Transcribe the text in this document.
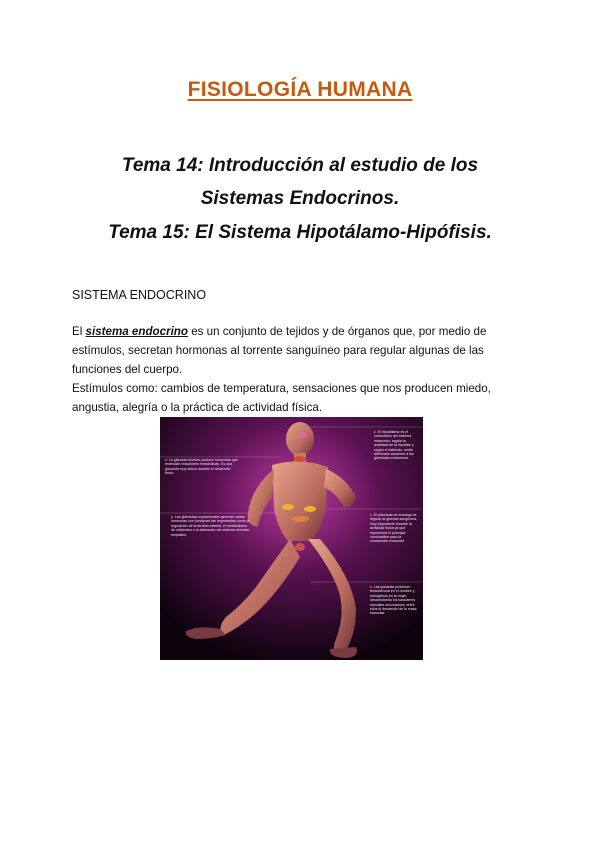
FISIOLOGÍA HUMANA
Tema 14: Introducción al estudio de los
Sistemas Endocrinos.
Tema 15: El Sistema Hipotálamo-Hipófisis.
SISTEMA ENDOCRINO
El sistema endocrino es un conjunto de tejidos y de órganos que, por medio de estímulos, secretan hormonas al torrente sanguíneo para regular algunas de las funciones del cuerpo.
Estímulos como: cambios de temperatura, sensaciones que nos producen miedo, angustia, alegría o la práctica de actividad física.
▶ La glándula tiroides produce hormonas que estimulan reacciones metabólicas. Es una glándula muy activa durante el desarrollo físico.
▶ Las glándulas suprarrenales generan varias hormonas con funciones tan importantes como la regulación de la tensión arterial, el metabolismo de nutrientes o la activación del sistema nervioso simpático.
▶ El hipotálamo es el controlador del sistema endocrino; regula la actividad de la hipófisis y según el estímulo, emite diferentes acciones a las glándulas endocrinas.
▶ El páncreas se encarga de regular la glucosa sanguínea, muy importante durante la actividad física ya que representa el principal combustible para la contracción muscular.
▶ Las gónadas producen testosterona en el hombre y estrógenos en la mujer, desarrollando los caracteres sexuales secundarios, entre ellos el desarrollo de la masa muscular.
